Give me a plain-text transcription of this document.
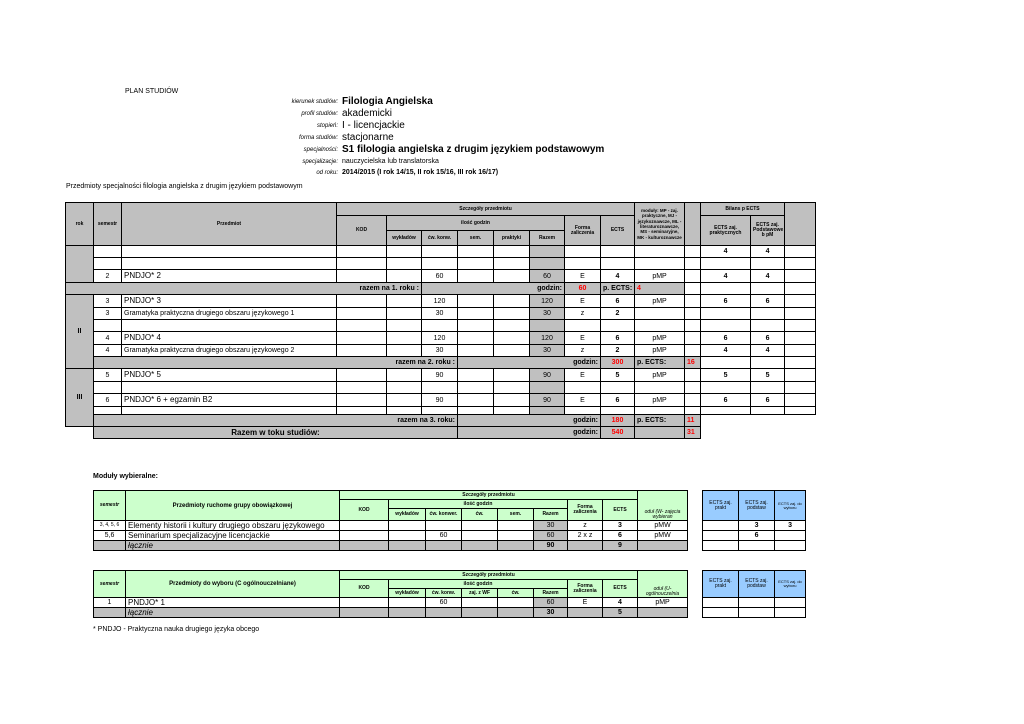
PLAN STUDIÓW
kierunek studiów:	Filologia Angielska
profil studiów:	akademicki
stopień:	I - licencjackie
forma studiów:	stacjonarne
specjalności:	S1 filologia angielska z drugim językiem podstawowym
specjalizacje:	nauczycielska lub translatorska
od roku:	2014/2015 (I rok 14/15, II rok 15/16, III rok 16/17)
Przedmioty specjalności filologia angielska z drugim językiem podstawowym
rok	semestr	Przedmiot	Szczegóły przedmiotu								moduły: MP - zaj. praktyczne, MJ - językoznawcze, ML - literaturoznawcze, MS - seminaryjne, MK - kulturoznawcze		Bilans p ECTS			
			KOD	ilość godzin					Forma zaliczenia	ECTS			ECTS zaj. praktycznych	ECTS zaj. Podstawowe b pM		
				wykładów	ćw. konw.	sem.	praktyki	Razem								
													4	4		

	2	PNDJO* 2			60			60	E	4	pMP		4	4		
razem na 1. roku :					godzin:				60	p. ECTS:	4					
II	3	PNDJO* 3			120			120	E	6	pMP		6	6		
	3	Gramatyka praktyczna drugiego obszaru językowego 1			30			30	z	2						

	4	PNDJO* 4			120			120	E	6	pMP		6	6		
	4	Gramatyka praktyczna drugiego obszaru językowego 2			30			30	z	2	pMP		4	4		
	razem na 2. roku :					godzin:				300	p. ECTS:	16				
III	5	PNDJO* 5			90			90	E	5	pMP		5	5		

	6	PNDJO* 6 + egzamin B2			90			90	E	6	pMP		6	6		

	razem na 3. roku:					godzin:				180	p. ECTS:	11				
	Razem w toku studiów:					godzin:				540		31				
Moduły wybieralne:
semestr	Przedmioty ruchome grupy obowiązkowej	Szczegóły przedmiotu								oduł (W- zajęcia wybieran		ECTS zaj. prakt	ECTS zaj. podstaw	ECTS zaj. do wyboru
		KOD	ilość godzin					Forma zaliczenia	ECTS					
			wykładów	ćw. konwer.	ćw.	sem.	Razem							
3, 4, 5, 6	Elementy historii i kultury drugiego obszaru językowego						30	z	3	pMW			3	3
5,6	Seminarium specjalizacyjne licencjackie			60			60	2 x z	6	pMW			6	
	łącznie						90		9					
semestr	Przedmioty do wyboru (C ogólnouczelniane)	Szczegóły przedmiotu								oduł (U-ogólnouczelnia		ECTS zaj. prakt	ECTS zaj. podstaw	ECTS zaj. do wyboru
		KOD	ilość godzin					Forma zaliczenia	ECTS					
			wykładów	ćw. konw.	zaj. z WF	ćw.	Razem							
1	PNDJO* 1			60			60	E	4	pMP				
	łącznie						30		5					
* PNDJO - Praktyczna nauka drugiego języka obcego
